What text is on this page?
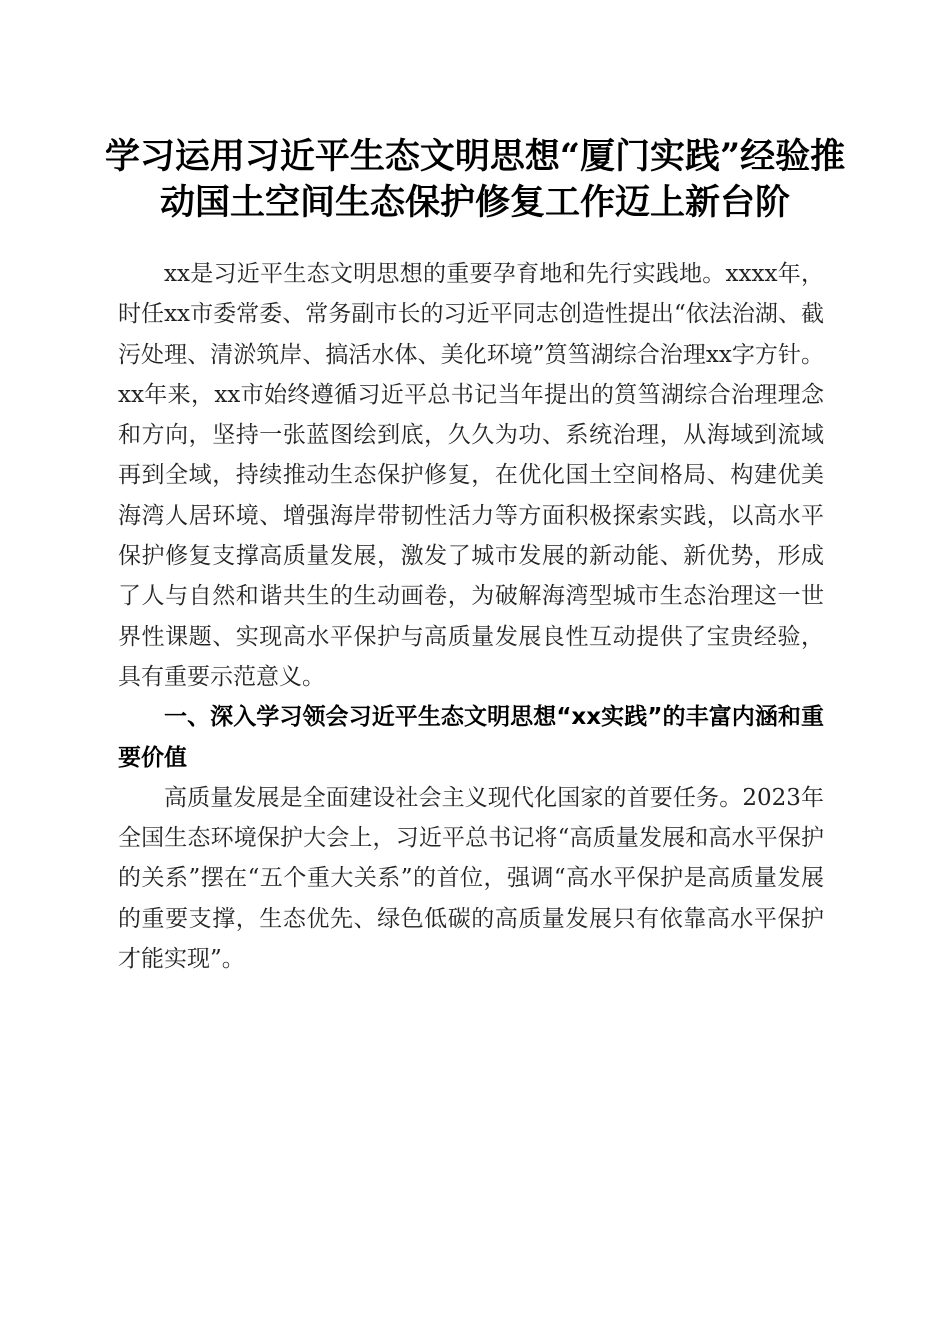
学习运用习近平生态文明思想“厦门实践”经验推动国土空间生态保护修复工作迈上新台阶

xx是习近平生态文明思想的重要孕育地和先行实践地。xxxx年，时任xx市委常委、常务副市长的习近平同志创造性提出“依法治湖、截污处理、清淤筑岸、搞活水体、美化环境”筼筜湖综合治理xx字方针。xx年来，xx市始终遵循习近平总书记当年提出的筼筜湖综合治理理念和方向，坚持一张蓝图绘到底，久久为功、系统治理，从海域到流域再到全域，持续推动生态保护修复，在优化国土空间格局、构建优美海湾人居环境、增强海岸带韧性活力等方面积极探索实践，以高水平保护修复支撑高质量发展，激发了城市发展的新动能、新优势，形成了人与自然和谐共生的生动画卷，为破解海湾型城市生态治理这一世界性课题、实现高水平保护与高质量发展良性互动提供了宝贵经验，具有重要示范意义。

一、深入学习领会习近平生态文明思想“xx实践”的丰富内涵和重要价值

高质量发展是全面建设社会主义现代化国家的首要任务。2023年全国生态环境保护大会上，习近平总书记将“高质量发展和高水平保护的关系”摆在“五个重大关系”的首位，强调“高水平保护是高质量发展的重要支撑，生态优先、绿色低碳的高质量发展只有依靠高水平保护才能实现”。
